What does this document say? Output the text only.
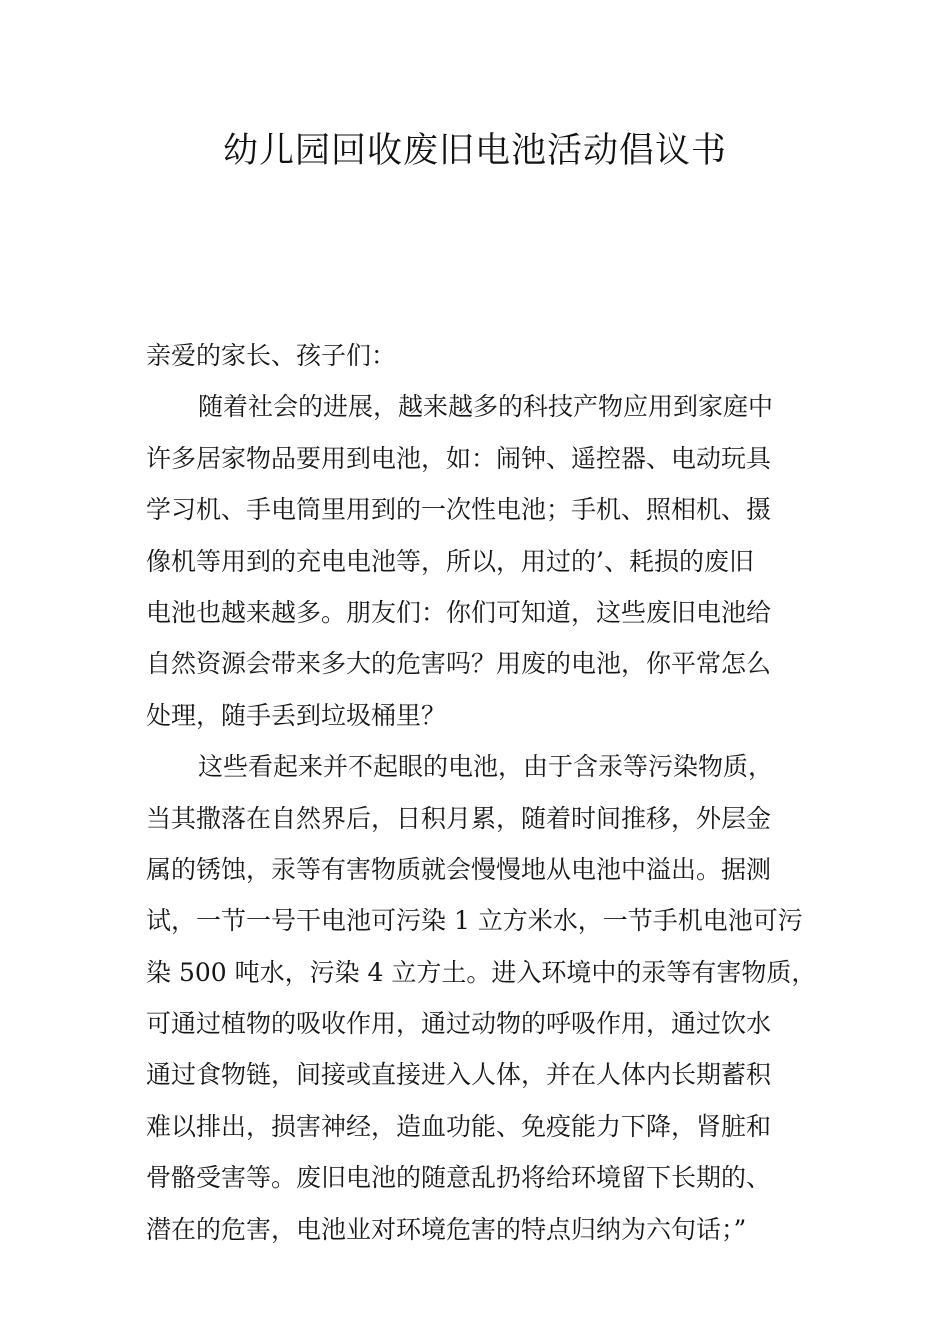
幼儿园回收废旧电池活动倡议书
亲爱的家长、孩子们：
随着社会的进展，越来越多的科技产物应用到家庭中
许多居家物品要用到电池，如：闹钟、遥控器、电动玩具
学习机、手电筒里用到的一次性电池；手机、照相机、摄
像机等用到的充电电池等，所以，用过的’、耗损的废旧
电池也越来越多。朋友们：你们可知道，这些废旧电池给
自然资源会带来多大的危害吗？用废的电池，你平常怎么
处理，随手丢到垃圾桶里？
这些看起来并不起眼的电池，由于含汞等污染物质，
当其撒落在自然界后，日积月累，随着时间推移，外层金
属的锈蚀，汞等有害物质就会慢慢地从电池中溢出。据测
试，一节一号干电池可污染 1 立方米水，一节手机电池可污
染 500 吨水，污染 4 立方土。进入环境中的汞等有害物质，
可通过植物的吸收作用，通过动物的呼吸作用，通过饮水
通过食物链，间接或直接进入人体，并在人体内长期蓄积
难以排出，损害神经，造血功能、免疫能力下降，肾脏和
骨骼受害等。废旧电池的随意乱扔将给环境留下长期的、
潜在的危害，电池业对环境危害的特点归纳为六句话；”
